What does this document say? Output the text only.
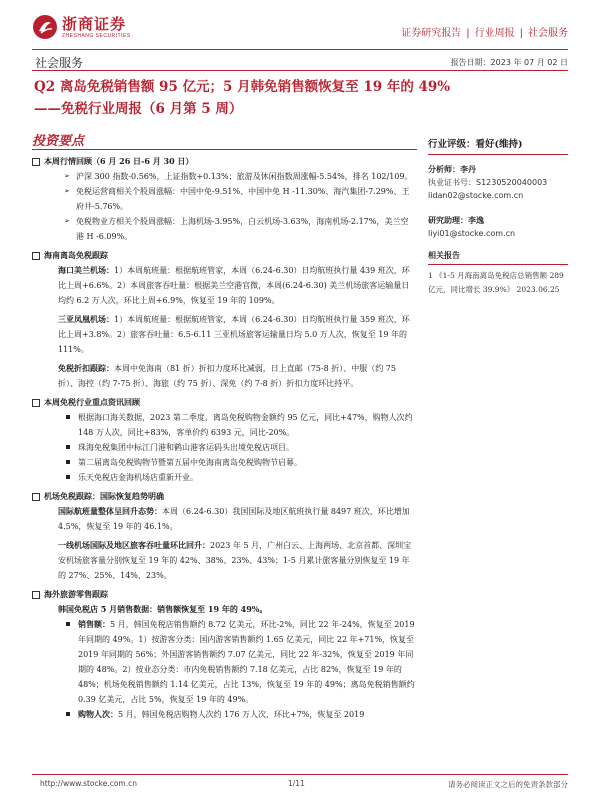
浙商证券
ZHESHANG SECURITIES	证券研究报告 | 行业周报 | 社会服务
社会服务	报告日期：2023 年 07 月 02 日
Q2 离岛免税销售额 95 亿元；5 月韩免销售额恢复至 19 年的 49%
——免税行业周报（6 月第 5 周）
投资要点
本周行情回顾（6 月 26 日-6 月 30 日）
➢ 沪深 300 指数-0.56%，上证指数+0.13%；旅游及休闲指数周涨幅-5.54%，排名 102/109。
➢ 免税运营商相关个股周涨幅：中国中免-9.51%、中国中免 H -11.30%、海汽集团-7.29%、王府井-5.76%。
➢ 免税物业方相关个股周涨幅：上海机场-3.95%，白云机场-3.63%，海南机场-2.17%，美兰空港 H -6.09%。
海南离岛免税跟踪
海口美兰机场：1）本周航班量：根据航班管家，本周（6.24-6.30）日均航班执行量 439 班次，环比上周+6.6%。2）本周旅客吞吐量：根据美兰空港官微，本周(6.24-6.30) 美兰机场旅客运输量日均约 6.2 万人次，环比上周+6.9%，恢复至 19 年的 109%。
三亚凤凰机场：1）本周航班量：根据航班管家，本周（6.24-6.30）日均航班执行量 359 班次，环比上周+3.8%。2）旅客吞吐量：6.5-6.11 三亚机场旅客运输量日均 5.0 万人次，恢复至 19 年的 111%。
免税折扣跟踪：本周中免海南（81 折）折扣力度环比减弱，日上直邮（75-8 折）、中服（约 75 折）、海控（约 7-75 折）、海旅（约 75 折）、深免（约 7-8 折）折扣力度环比持平。
本周免税行业重点资讯回顾
根据海口海关数据，2023 第二季度，离岛免税购物金额约 95 亿元，同比+47%，购物人次约 148 万人次，同比+83%，客单价约 6393 元，同比-20%。
珠海免税集团中标江门港和鹤山港客运码头出境免税店项目。
第二届离岛免税购物节暨第五届中免海南离岛免税购物节启幕。
乐天免税店金海机场店重新开业。
机场免税跟踪：国际恢复趋势明确
国际航班量整体呈回升态势：本周（6.24-6.30）我国国际及地区航班执行量 8497 班次，环比增加 4.5%，恢复至 19 年的 46.1%。
一线机场国际及地区旅客吞吐量环比回升：2023 年 5 月，广州白云、上海两场、北京首都、深圳宝安机场旅客量分别恢复至 19 年的 42%、38%、23%、43%；1-5 月累计旅客量分别恢复至 19 年的 27%、25%、14%、23%。
海外旅游零售跟踪
韩国免税店 5 月销售数据：销售额恢复至 19 年的 49%。
销售额：5 月，韩国免税店销售额约 8.72 亿美元，环比-2%，同比 22 年-24%，恢复至 2019 年同期的 49%。1）按游客分类：国内游客销售额约 1.65 亿美元，同比 22 年+71%，恢复至 2019 年同期的 56%；外国游客销售额约 7.07 亿美元，同比 22 年-32%，恢复至 2019 年同期的 48%。2）按业态分类：市内免税销售额约 7.18 亿美元，占比 82%，恢复至 19 年的 48%；机场免税销售额约 1.14 亿美元，占比 13%，恢复至 19 年的 49%；离岛免税销售额约 0.39 亿美元，占比 5%，恢复至 19 年的 49%。
购物人次：5 月，韩国免税店购物人次约 176 万人次，环比+7%，恢复至 2019
行业评级：看好(维持)
分析师：李丹
执业证书号：S1230520040003
lidan02@stocke.com.cn
研究助理：李逸
liyi01@stocke.com.cn
相关报告
1 《1-5 月海南离岛免税店总销售额 289 亿元，同比增长 39.9%》 2023.06.25
http://www.stocke.com.cn	1/11	请务必阅读正文之后的免责条款部分
